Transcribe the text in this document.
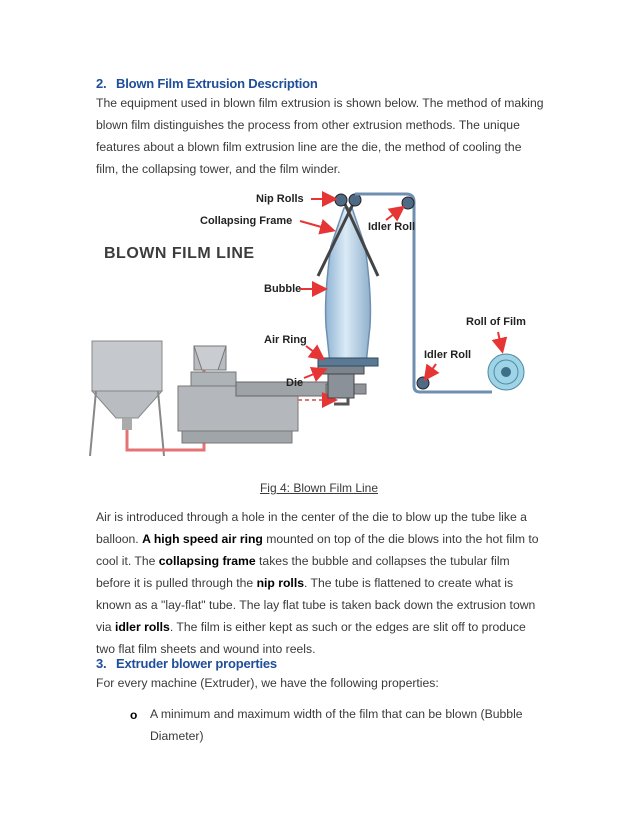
2. Blown Film Extrusion Description
The equipment used in blown film extrusion is shown below. The method of making blown film distinguishes the process from other extrusion methods. The unique features about a blown film extrusion line are the die, the method of cooling the film, the collapsing tower, and the film winder.
BLOWN FILM LINE
Nip Rolls
Collapsing Frame	Idler Roll
Bubble
Roll of Film
Air Ring
Idler Roll
Die
Fig 4: Blown Film Line
Air is introduced through a hole in the center of the die to blow up the tube like a balloon. A high speed air ring mounted on top of the die blows into the hot film to cool it. The collapsing frame takes the bubble and collapses the tubular film before it is pulled through the nip rolls. The tube is flattened to create what is known as a "lay-flat" tube. The lay flat tube is taken back down the extrusion town via idler rolls. The film is either kept as such or the edges are slit off to produce two flat film sheets and wound into reels.
3. Extruder blower properties
For every machine (Extruder), we have the following properties:
o A minimum and maximum width of the film that can be blown (Bubble Diameter)
